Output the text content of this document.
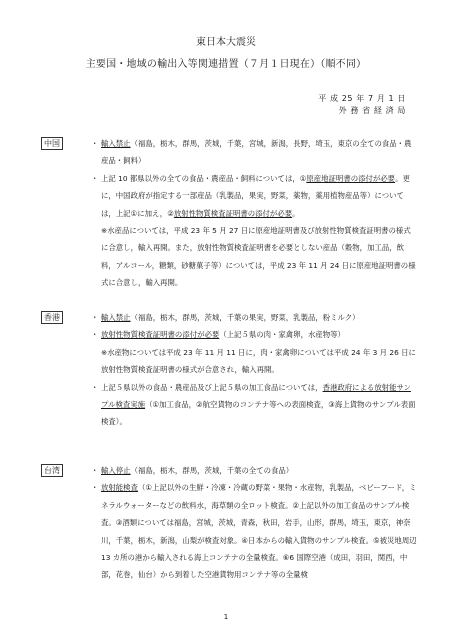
東日本大震災
主要国・地域の輸出入等関連措置（７月１日現在）（順不同）
平 成 25 年 7 月 1 日
外 務 省 経 済 局
中国	・ 輸入禁止（福島，栃木，群馬，茨城，千葉，宮城，新潟，長野，埼玉，東京の全ての食品・農産品・飼料）
・ 上記 10 都県以外の全ての食品・農産品・飼料については，①原産地証明書の添付が必要。更に，中国政府が指定する一部産品（乳製品，果実，野菜，薬物，薬用植物産品等）については，上記①に加え，②放射性物質検査証明書の添付が必要。
※水産品については，平成 23 年 5 月 27 日に原産地証明書及び放射性物質検査証明書の様式に合意し，輸入再開。また，放射性物質検査証明書を必要としない産品（穀物，加工品，飲料，アルコール，糖類，砂糖菓子等）については，平成 23 年 11 月 24 日に原産地証明書の様式に合意し，輸入再開。
香港	・ 輸入禁止（福島，栃木，群馬，茨城，千葉の果実，野菜，乳製品，粉ミルク）
・ 放射性物質検査証明書の添付が必要（上記５県の肉・家禽卵，水産物等）
※水産物については平成 23 年 11 月 11 日に，肉・家禽卵については平成 24 年 3 月 26 日に放射性物質検査証明書の様式が合意され，輸入再開。
・ 上記５県以外の食品・農産品及び上記５県の加工食品については，香港政府による放射能サンプル検査実施（①加工食品，②航空貨物のコンテナ等への表面検査，③海上貨物のサンプル表面検査）。
台湾	・ 輸入停止（福島，栃木，群馬，茨城，千葉の全ての食品）
・ 放射能検査（①上記以外の生鮮・冷凍・冷蔵の野菜・果物・水産物，乳製品，ベビーフード，ミネラルウォーターなどの飲料水，海草類の全ロット検査。②上記以外の加工食品のサンプル検査。③酒類については福島，宮城，茨城，青森，秋田，岩手，山形，群馬，埼玉，東京，神奈川，千葉，栃木，新潟，山梨が検査対象。④日本からの輸入貨物のサンプル検査。⑤被災地周辺 13 カ所の港から輸入される海上コンテナの全量検査。⑥6 国際空港（成田，羽田，関西，中部，花巻，仙台）から到着した空港貨物用コンテナ等の全量検
1
